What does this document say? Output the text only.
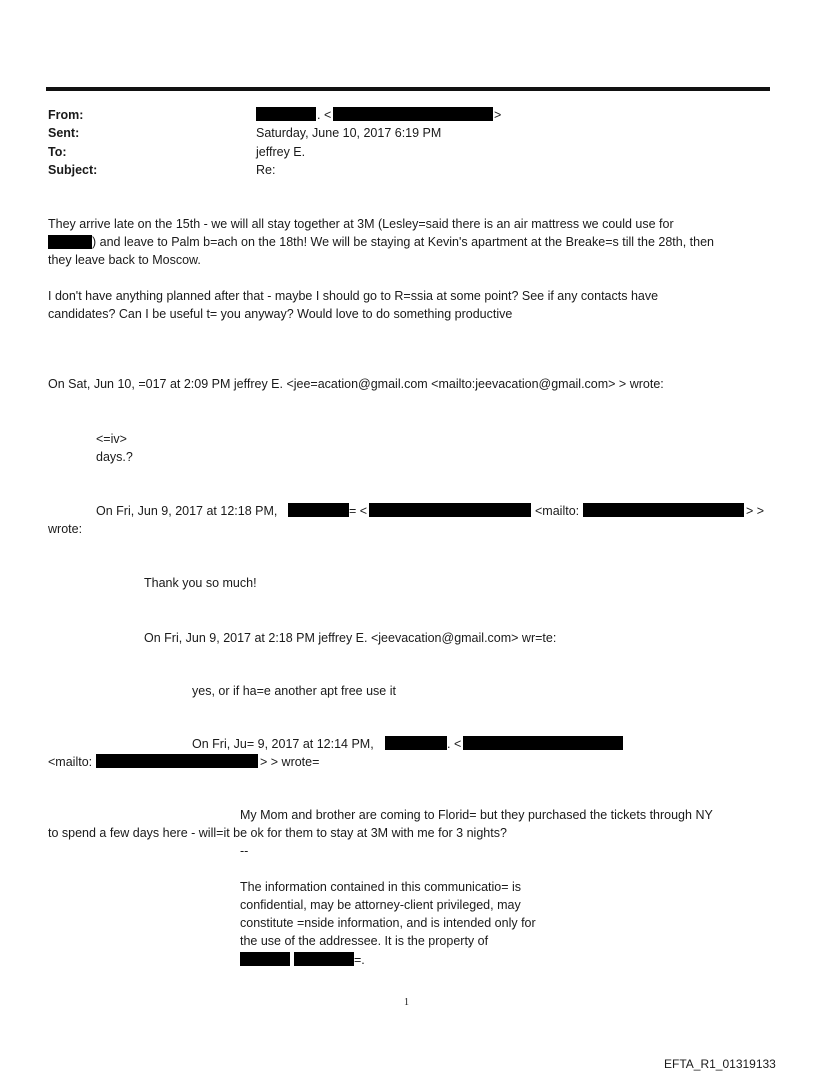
From:	. <	>
Sent:	Saturday, June 10, 2017 6:19 PM
To:	jeffrey E.
Subject:	Re:
They arrive late on the 15th - we will all stay together at 3M (Lesley=said there is an air mattress we could use for
) and leave to Palm b=ach on the 18th! We will be staying at Kevin's apartment at the Breake=s till the 28th, then
they leave back to Moscow.
I don't have anything planned after that - maybe I should go to R=ssia at some point? See if any contacts have
candidates? Can I be useful t= you anyway? Would love to do something productive
On Sat, Jun 10, =017 at 2:09 PM jeffrey E. <jee=acation@gmail.com <mailto:jeevacation@gmail.com> > wrote:
<=iv>
days.?
On Fri, Jun 9, 2017 at 12:18 PM,	= <	<mailto:	> >
wrote:
Thank you so much!
On Fri, Jun 9, 2017 at 2:18 PM jeffrey E. <jeevacation@gmail.com> wr=te:
yes, or if ha=e another apt free use it
On Fri, Ju= 9, 2017 at 12:14 PM,	. <
<mailto:	> > wrote=
My Mom and brother are coming to Florid= but they purchased the tickets through NY
to spend a few days here - will=it be ok for them to stay at 3M with me for 3 nights?
--
The information contained in this communicatio= is
confidential, may be attorney-client privileged, may
constitute =nside information, and is intended only for
the use of the addressee. It is the property of
=.
1
EFTA_R1_01319133
